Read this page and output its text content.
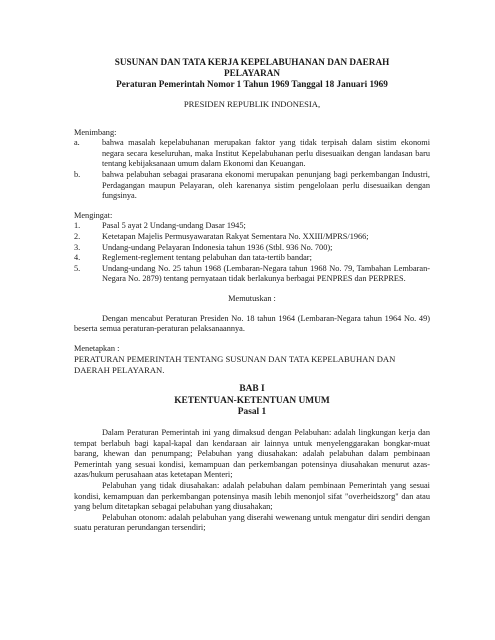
SUSUNAN DAN TATA KERJA KEPELABUHANAN DAN DAERAH
PELAYARAN
Peraturan Pemerintah Nomor 1 Tahun 1969 Tanggal 18 Januari 1969
PRESIDEN REPUBLIK INDONESIA,
Menimbang:
a.	bahwa masalah kepelabuhanan merupakan faktor yang tidak terpisah dalam sistim ekonomi negara secara keseluruhan, maka Institut Kepelabuhanan perlu disesuaikan dengan landasan baru tentang kebijaksanaan umum dalam Ekonomi dan Keuangan.
b.	bahwa pelabuhan sebagai prasarana ekonomi merupakan penunjang bagi perkembangan Industri, Perdagangan maupun Pelayaran, oleh karenanya sistim pengelolaan perlu disesuaikan dengan fungsinya.
Mengingat:
1.	Pasal 5 ayat 2 Undang-undang Dasar 1945;
2.	Ketetapan Majelis Permusyawaratan Rakyat Sementara No. XXIII/MPRS/1966;
3.	Undang-undang Pelayaran Indonesia tahun 1936 (Stbl. 936 No. 700);
4.	Reglement-reglement tentang pelabuhan dan tata-tertib bandar;
5.	Undang-undang No. 25 tahun 1968 (Lembaran-Negara tahun 1968 No. 79, Tambahan Lembaran-Negara No. 2879) tentang pernyataan tidak berlakunya berbagai PENPRES dan PERPRES.
Memutuskan :
Dengan mencabut Peraturan Presiden No. 18 tahun 1964 (Lembaran-Negara tahun 1964 No. 49) beserta semua peraturan-peraturan pelaksanaannya.
Menetapkan :
PERATURAN PEMERINTAH TENTANG SUSUNAN DAN TATA KEPELABUHAN DAN DAERAH PELAYARAN.
BAB I
KETENTUAN-KETENTUAN UMUM
Pasal 1
Dalam Peraturan Pemerintah ini yang dimaksud dengan Pelabuhan: adalah lingkungan kerja dan tempat berlabuh bagi kapal-kapal dan kendaraan air lainnya untuk menyelenggarakan bongkar-muat barang, khewan dan penumpang; Pelabuhan yang diusahakan: adalah pelabuhan dalam pembinaan Pemerintah yang sesuai kondisi, kemampuan dan perkembangan potensinya diusahakan menurut azas-azas/hukum perusahaan atas ketetapan Menteri;
Pelabuhan yang tidak diusahakan: adalah pelabuhan dalam pembinaan Pemerintah yang sesuai kondisi, kemampuan dan perkembangan potensinya masih lebih menonjol sifat "overheidszorg" dan atau yang belum ditetapkan sebagai pelabuhan yang diusahakan;
Pelabuhan otonom: adalah pelabuhan yang diserahi wewenang untuk mengatur diri sendiri dengan suatu peraturan perundangan tersendiri;
